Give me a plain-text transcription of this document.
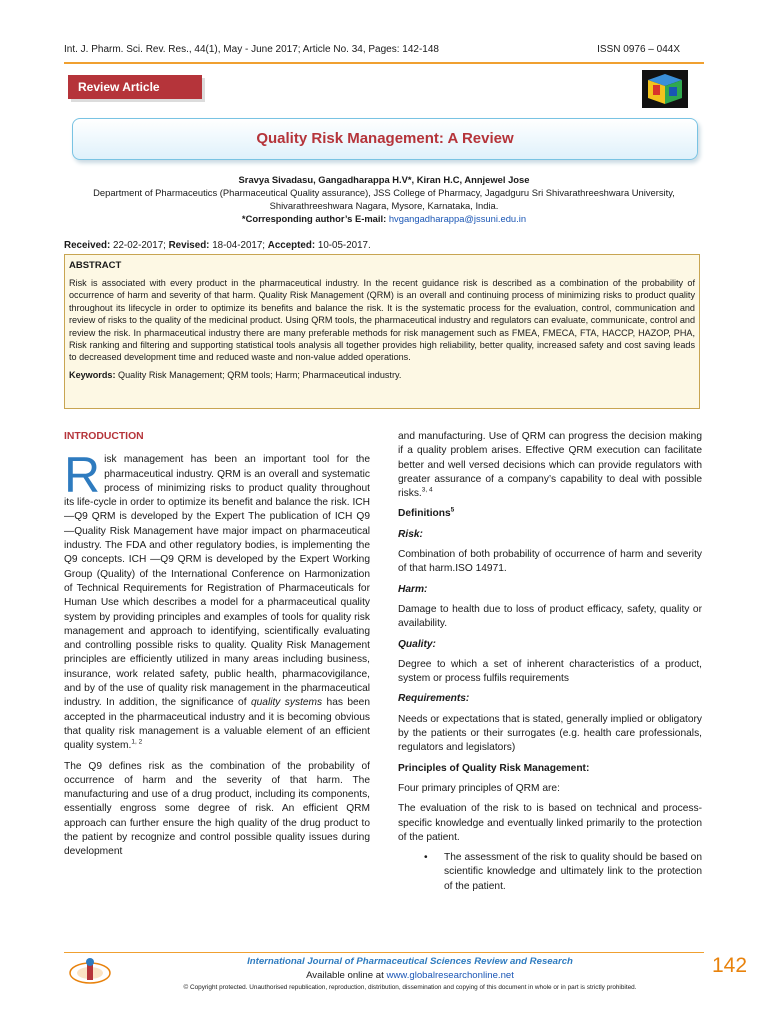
Int. J. Pharm. Sci. Rev. Res., 44(1), May - June 2017; Article No. 34, Pages: 142-148	ISSN 0976 – 044X
Review Article
Quality Risk Management: A Review
Sravya Sivadasu, Gangadharappa H.V*, Kiran H.C, Annjewel Jose
Department of Pharmaceutics (Pharmaceutical Quality assurance), JSS College of Pharmacy, Jagadguru Sri Shivarathreeshwara University, Shivarathreeshwara Nagara, Mysore, Karnataka, India.
*Corresponding author’s E-mail: hvgangadharappa@jssuni.edu.in
Received: 22-02-2017; Revised: 18-04-2017; Accepted: 10-05-2017.
ABSTRACT
Risk is associated with every product in the pharmaceutical industry. In the recent guidance risk is described as a combination of the probability of occurrence of harm and severity of that harm. Quality Risk Management (QRM) is an overall and continuing process of minimizing risks to product quality throughout its lifecycle in order to optimize its benefits and balance the risk. It is the systematic process for the evaluation, control, communication and review of risks to the quality of the medicinal product. Using QRM tools, the pharmaceutical industry and regulators can evaluate, communicate, control and review the risk. In pharmaceutical industry there are many preferable methods for risk management such as FMEA, FMECA, FTA, HACCP, HAZOP, PHA, Risk ranking and filtering and supporting statistical tools analysis all together provides high reliability, better quality, increased safety and cost saving leads to decreased development time and reduced waste and non-value added operations.
Keywords: Quality Risk Management; QRM tools; Harm; Pharmaceutical industry.
INTRODUCTION

Risk management has been an important tool for the pharmaceutical industry. QRM is an overall and systematic process of minimizing risks to product quality throughout its life-cycle in order to optimize its benefit and balance the risk. ICH —Q9 QRM is developed by the Expert The publication of ICH Q9 —Quality Risk Management have major impact on pharmaceutical industry. The FDA and other regulatory bodies, is implementing the Q9 concepts. ICH —Q9 QRM is developed by the Expert Working Group (Quality) of the International Conference on Harmonization of Technical Requirements for Registration of Pharmaceuticals for Human Use which describes a model for a pharmaceutical quality system by providing principles and examples of tools for quality risk management and approach to identifying, scientifically evaluating and controlling possible risks to quality. Quality Risk Management principles are efficiently utilized in many areas including business, insurance, work related safety, public health, pharmacovigilance, and by of the use of quality risk management in the pharmaceutical industry. In addition, the significance of quality systems has been accepted in the pharmaceutical industry and it is becoming obvious that quality risk management is a valuable element of an efficient quality system.$^{1, 2}$

The Q9 defines risk as the combination of the probability of occurrence of harm and the severity of that harm. The manufacturing and use of a drug product, including its components, essentially engross some degree of risk. An efficient QRM approach can further ensure the high quality of the drug product to the patient by recognize and control possible quality issues during development

and manufacturing. Use of QRM can progress the decision making if a quality problem arises. Effective QRM execution can facilitate better and well versed decisions which can provide regulators with greater assurance of a company’s capability to deal with possible risks.$^{3, 4}$

Definitions$^5$
Risk:

Combination of both probability of occurrence of harm and severity of that harm.ISO 14971.

Harm:

Damage to health due to loss of product efficacy, safety, quality or availability.

Quality:

Degree to which a set of inherent characteristics of a product, system or process fulfils requirements

Requirements:

Needs or expectations that is stated, generally implied or obligatory by the patients or their surrogates (e.g. health care professionals, regulators and legislators)

Principles of Quality Risk Management:

Four primary principles of QRM are:

The evaluation of the risk to is based on technical and process-specific knowledge and eventually linked primarily to the protection of the patient.

• The assessment of the risk to quality should be based on scientific knowledge and ultimately link to the protection of the patient.
International Journal of Pharmaceutical Sciences Review and Research
Available online at www.globalresearchonline.net
© Copyright protected. Unauthorised republication, reproduction, distribution, dissemination and copying of this document in whole or in part is strictly prohibited.
142
